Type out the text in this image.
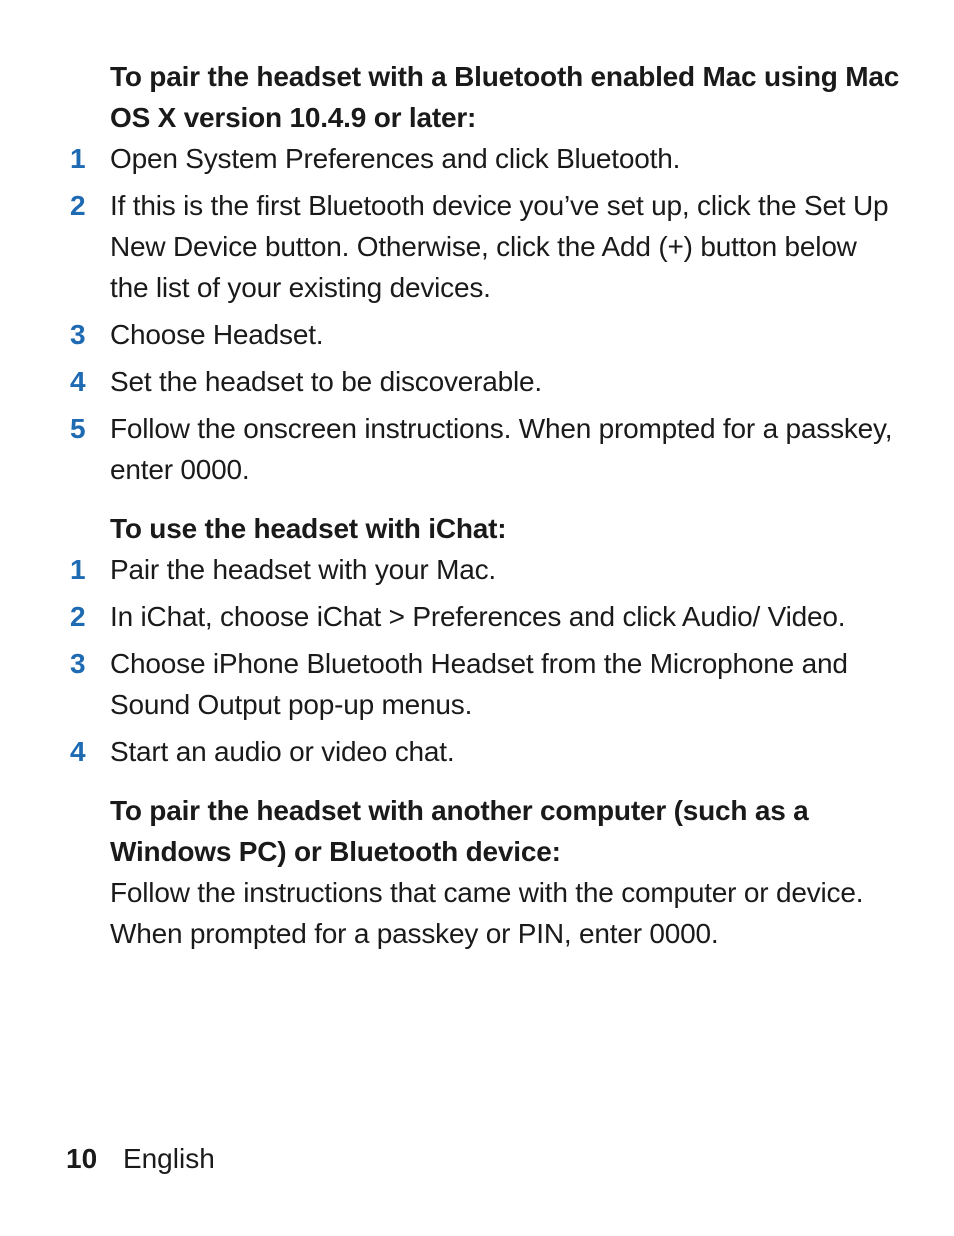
To pair the headset with a Bluetooth enabled Mac using Mac OS X version 10.4.9 or later:
1 Open System Preferences and click Bluetooth.
2 If this is the first Bluetooth device you’ve set up, click the Set Up New Device button. Otherwise, click the Add (+) button below the list of your existing devices.
3 Choose Headset.
4 Set the headset to be discoverable.
5 Follow the onscreen instructions. When prompted for a passkey, enter 0000.
To use the headset with iChat:
1 Pair the headset with your Mac.
2 In iChat, choose iChat > Preferences and click Audio/ Video.
3 Choose iPhone Bluetooth Headset from the Microphone and Sound Output pop-up menus.
4 Start an audio or video chat.
To pair the headset with another computer (such as a Windows PC) or Bluetooth device:
Follow the instructions that came with the computer or device. When prompted for a passkey or PIN, enter 0000.
10 English
